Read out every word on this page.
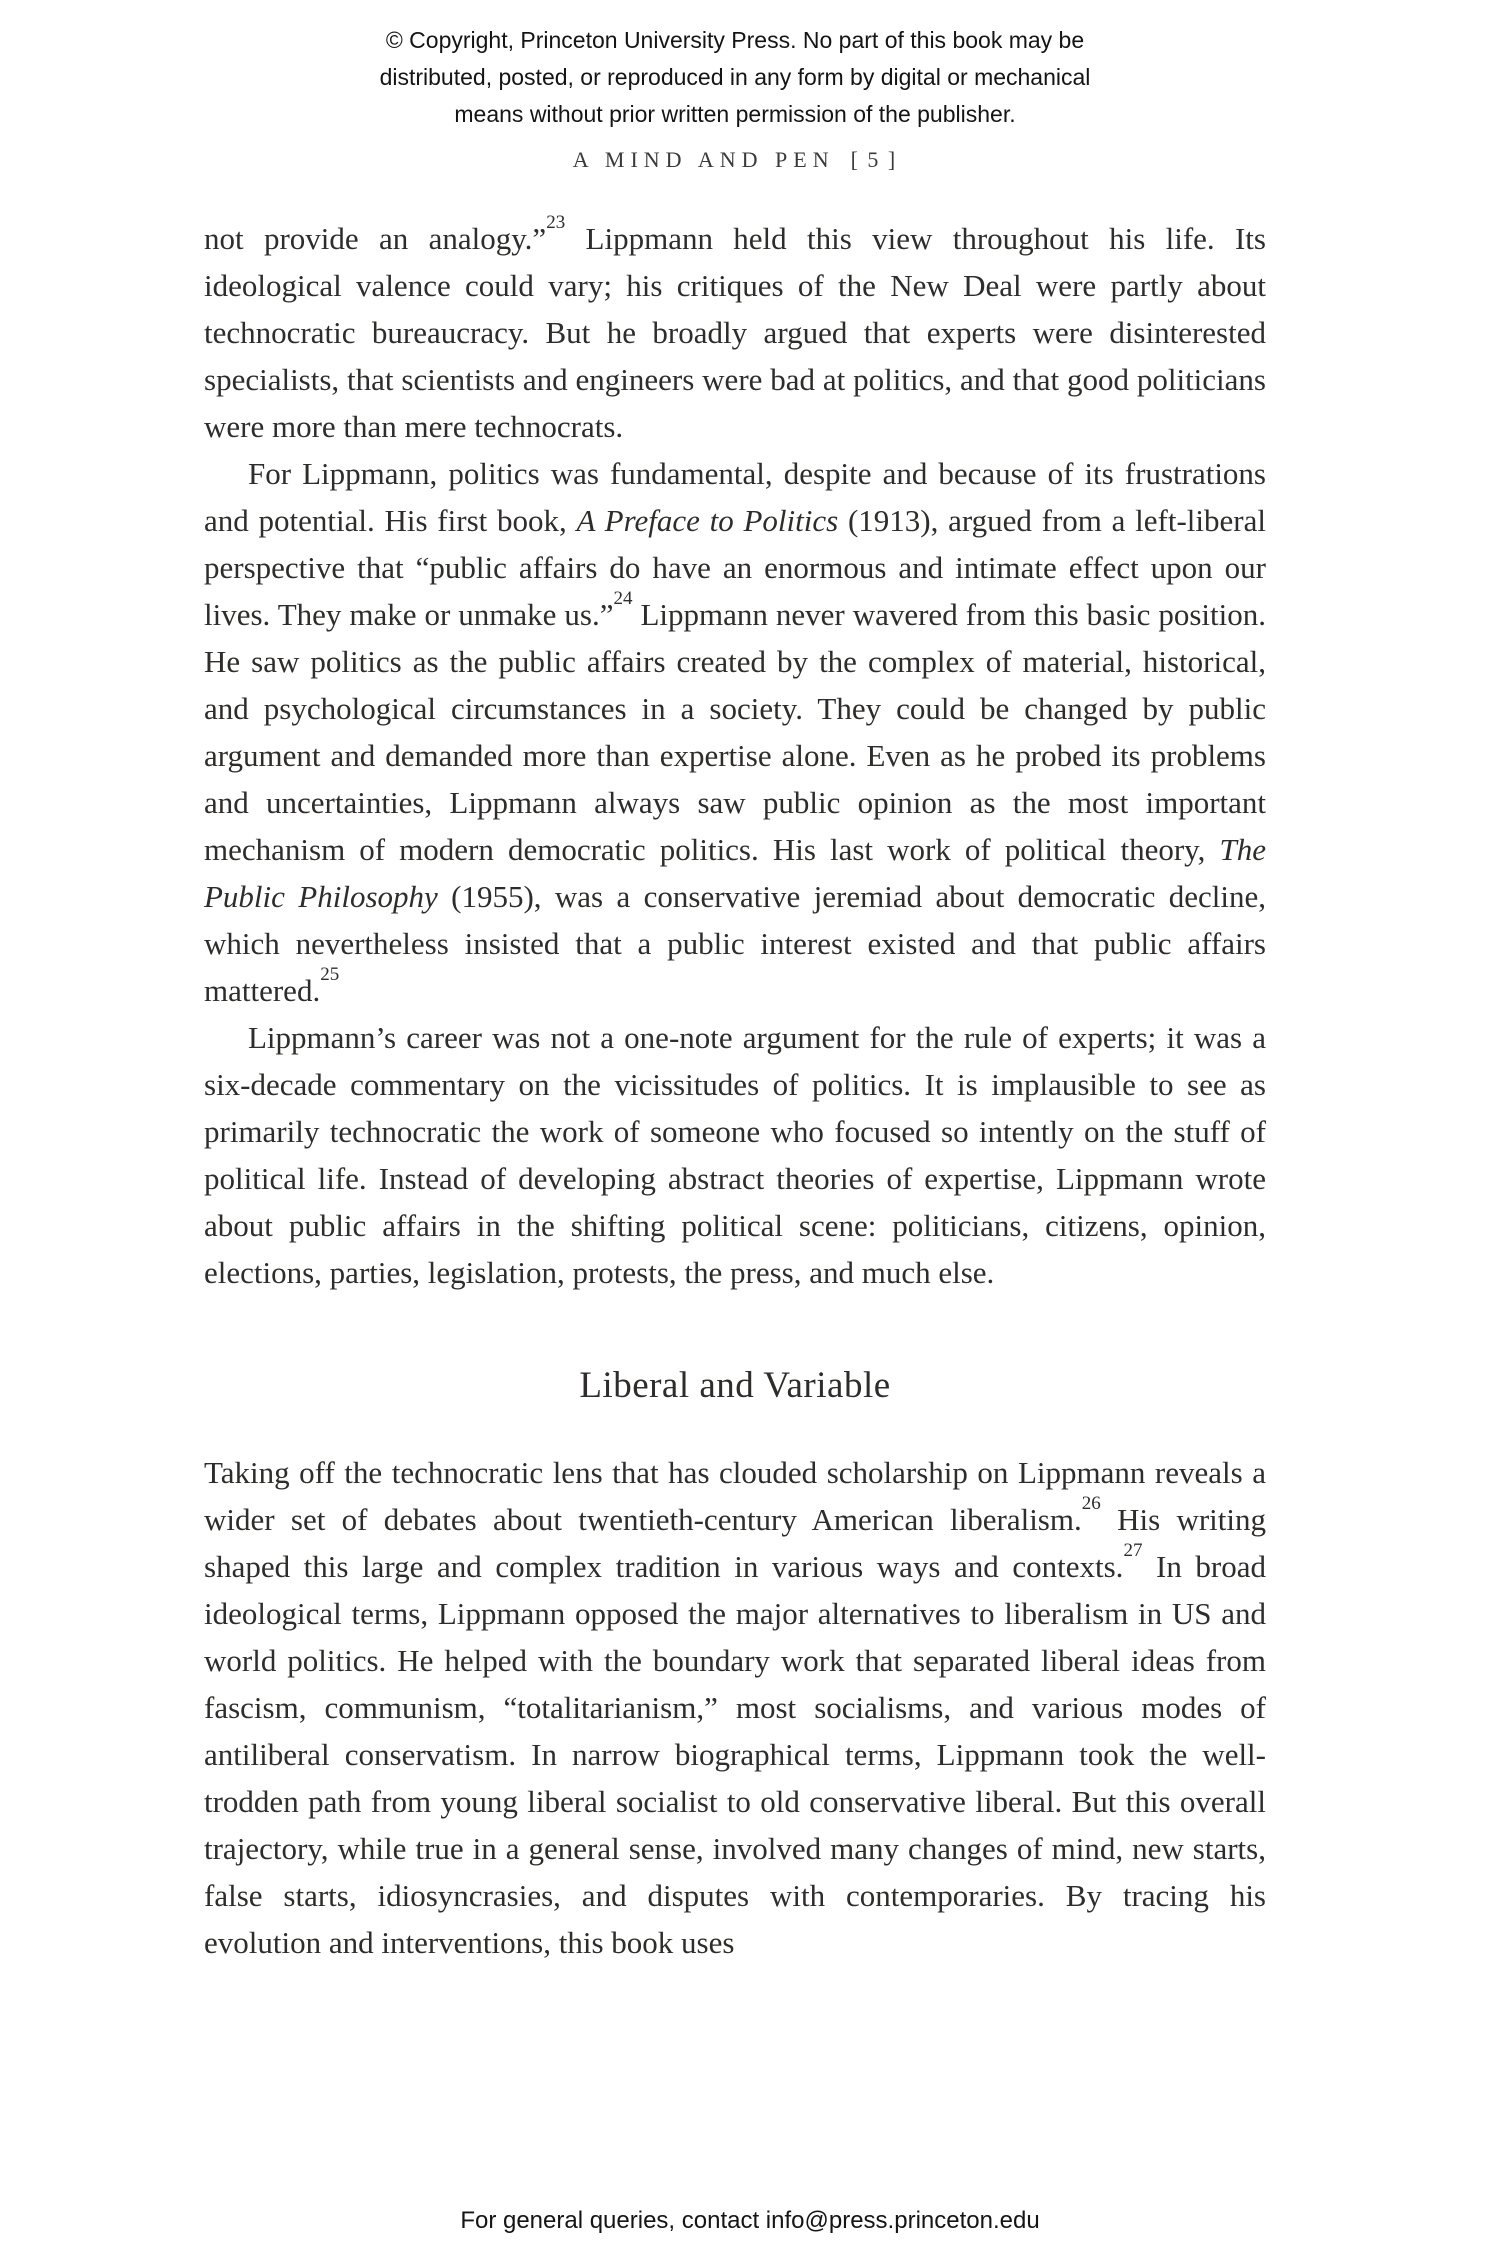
© Copyright, Princeton University Press. No part of this book may be
distributed, posted, or reproduced in any form by digital or mechanical
means without prior written permission of the publisher.
A MIND AND PEN [ 5 ]

not provide an analogy.”$^{23}$ Lippmann held this view throughout his life. Its ideological valence could vary; his critiques of the New Deal were partly about technocratic bureaucracy. But he broadly argued that experts were disinterested specialists, that scientists and engineers were bad at politics, and that good politicians were more than mere technocrats.

For Lippmann, politics was fundamental, despite and because of its frustrations and potential. His first book, A Preface to Politics (1913), argued from a left-liberal perspective that “public affairs do have an enormous and intimate effect upon our lives. They make or unmake us.”$^{24}$ Lippmann never wavered from this basic position. He saw politics as the public affairs created by the complex of material, historical, and psychological circumstances in a society. They could be changed by public argument and demanded more than expertise alone. Even as he probed its problems and uncertainties, Lippmann always saw public opinion as the most important mechanism of modern democratic politics. His last work of political theory, The Public Philosophy (1955), was a conservative jeremiad about democratic decline, which nevertheless insisted that a public interest existed and that public affairs mattered.$^{25}$

Lippmann’s career was not a one-note argument for the rule of experts; it was a six-decade commentary on the vicissitudes of politics. It is implausible to see as primarily technocratic the work of someone who focused so intently on the stuff of political life. Instead of developing abstract theories of expertise, Lippmann wrote about public affairs in the shifting political scene: politicians, citizens, opinion, elections, parties, legislation, protests, the press, and much else.

Liberal and Variable

Taking off the technocratic lens that has clouded scholarship on Lippmann reveals a wider set of debates about twentieth-century American liberalism.$^{26}$ His writing shaped this large and complex tradition in various ways and contexts.$^{27}$ In broad ideological terms, Lippmann opposed the major alternatives to liberalism in US and world politics. He helped with the boundary work that separated liberal ideas from fascism, communism, “totalitarianism,” most socialisms, and various modes of antiliberal conservatism. In narrow biographical terms, Lippmann took the well-trodden path from young liberal socialist to old conservative liberal. But this overall trajectory, while true in a general sense, involved many changes of mind, new starts, false starts, idiosyncrasies, and disputes with contemporaries. By tracing his evolution and interventions, this book uses

For general queries, contact info@press.princeton.edu
